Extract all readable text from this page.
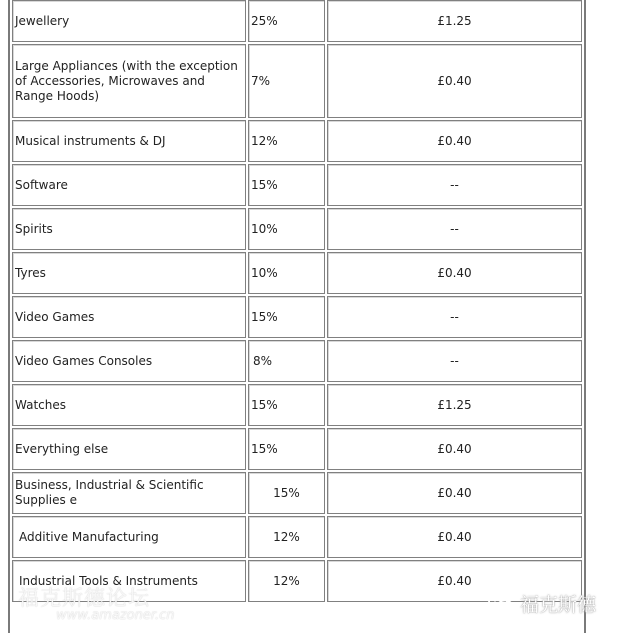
Jewellery	25%	£1.25
Large Appliances (with the exception of Accessories, Microwaves and Range Hoods)	7%	£0.40
Musical instruments & DJ	12%	£0.40
Software	15%	--
Spirits	10%	--
Tyres	10%	£0.40
Video Games	15%	--
Video Games Consoles	8%	--
Watches	15%	£1.25
Everything else	15%	£0.40
Business, Industrial & Scientific Supplies e	15%	£0.40
Additive Manufacturing	12%	£0.40
Industrial Tools & Instruments	12%	£0.40
福克斯德论坛
www.amazoner.cn	福克斯德
